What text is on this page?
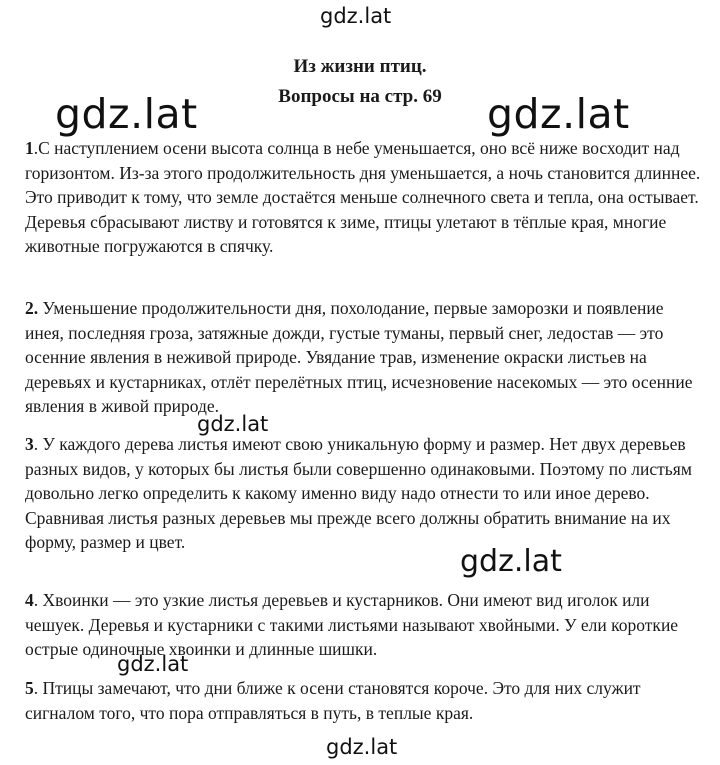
gdz.lat
Из жизни птиц.
Вопросы на стр. 69
1.С наступлением осени высота солнца в небе уменьшается, оно всё ниже восходит над горизонтом. Из-за этого продолжительность дня уменьшается, а ночь становится длиннее. Это приводит к тому, что земле достаётся меньше солнечного света и тепла, она остывает. Деревья сбрасывают листву и готовятся к зиме, птицы улетают в тёплые края, многие животные погружаются в спячку.
2. Уменьшение продолжительности дня, похолодание, первые заморозки и появление инея, последняя гроза, затяжные дожди, густые туманы, первый снег, ледостав — это осенние явления в неживой природе. Увядание трав, изменение окраски листьев на деревьях и кустарниках, отлёт перелётных птиц, исчезновение насекомых — это осенние явления в живой природе.
3. У каждого дерева листья имеют свою уникальную форму и размер. Нет двух деревьев разных видов, у которых бы листья были совершенно одинаковыми. Поэтому по листьям довольно легко определить к какому именно виду надо отнести то или иное дерево.
Сравнивая листья разных деревьев мы прежде всего должны обратить внимание на их форму, размер и цвет.
4. Хвоинки — это узкие листья деревьев и кустарников. Они имеют вид иголок или чешуек. Деревья и кустарники с такими листьями называют хвойными. У ели короткие острые одиночные хвоинки и длинные шишки.
5. Птицы замечают, что дни ближе к осени становятся короче. Это для них служит сигналом того, что пора отправляться в путь, в теплые края.
gdz.lat	gdz.lat
gdz.lat
gdz.lat
gdz.lat
gdz.lat
